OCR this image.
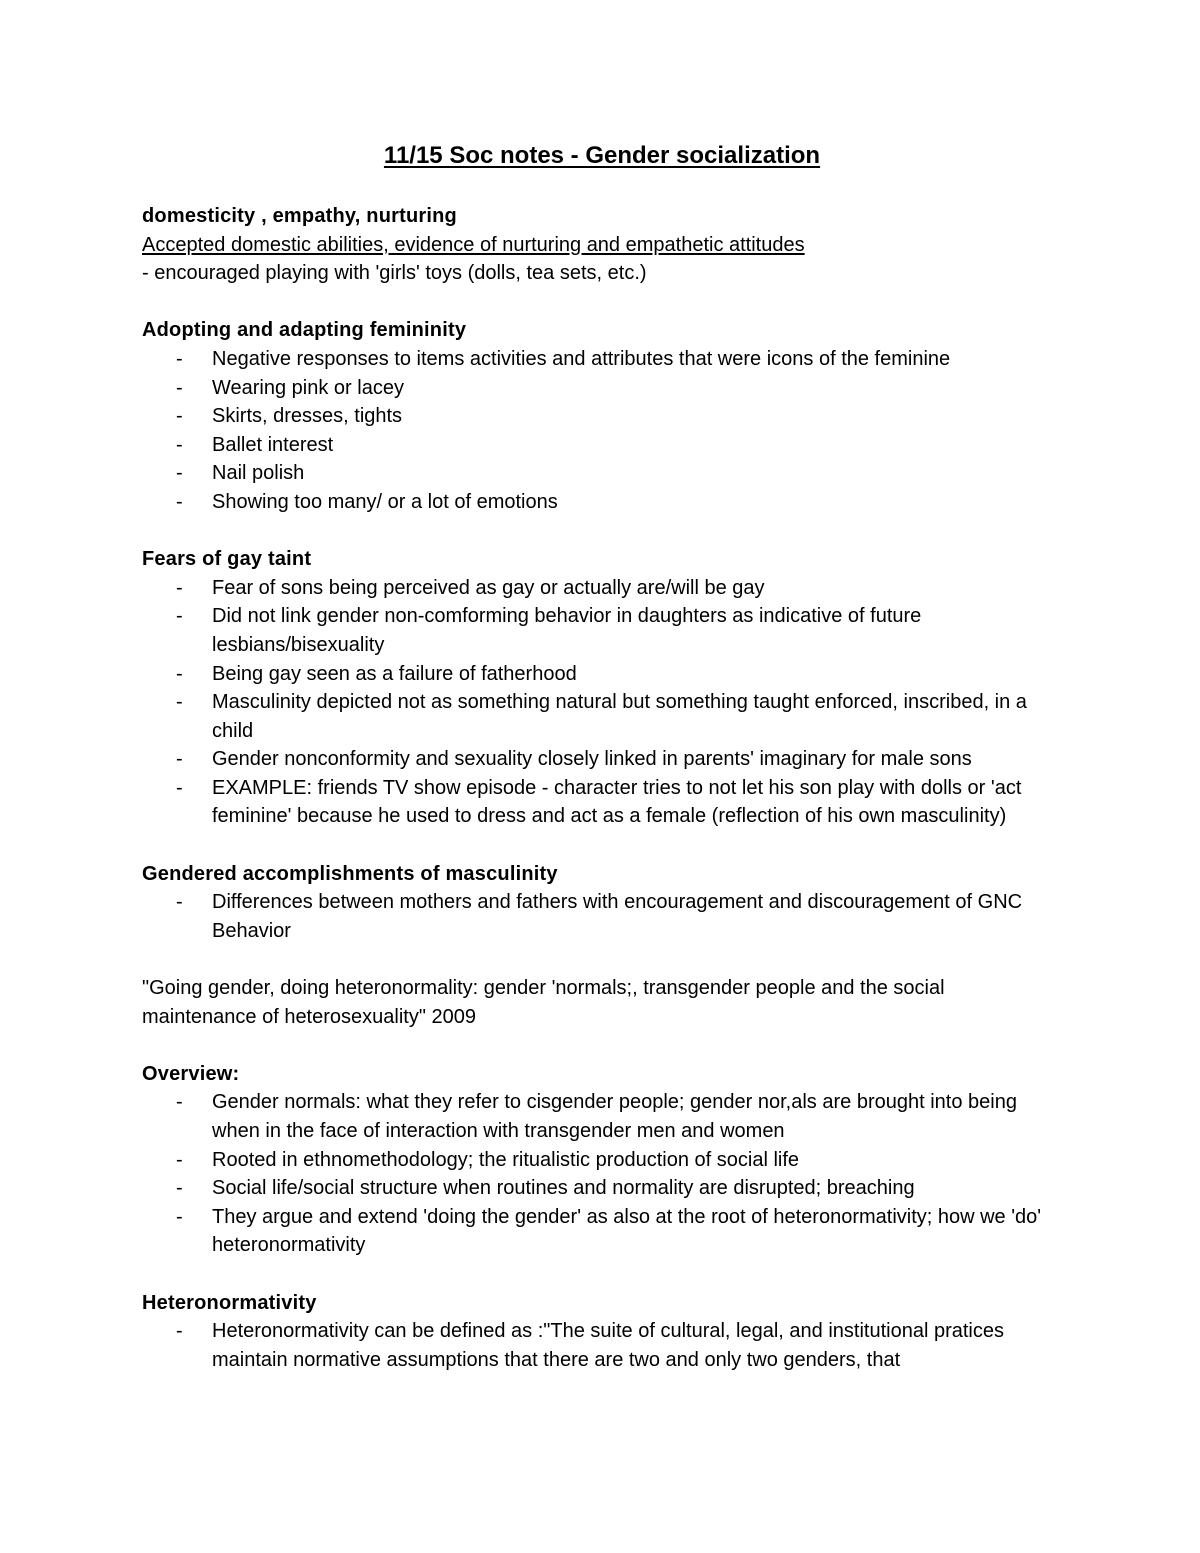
11/15 Soc notes - Gender socialization

domesticity , empathy, nurturing

Accepted domestic abilities, evidence of nurturing and empathetic attitudes

- encouraged playing with 'girls' toys (dolls, tea sets, etc.)

Adopting and adapting femininity

- Negative responses to items activities and attributes that were icons of the feminine
- Wearing pink or lacey
- Skirts, dresses, tights
- Ballet interest
- Nail polish
- Showing too many/ or a lot of emotions

Fears of gay taint

- Fear of sons being perceived as gay or actually are/will be gay
- Did not link gender non-comforming behavior in daughters as indicative of future lesbians/bisexuality
- Being gay seen as a failure of fatherhood
- Masculinity depicted not as something natural but something taught enforced, inscribed, in a child
- Gender nonconformity and sexuality closely linked in parents' imaginary for male sons
- EXAMPLE: friends TV show episode - character tries to not let his son play with dolls or 'act feminine' because he used to dress and act as a female (reflection of his own masculinity)

Gendered accomplishments of masculinity

- Differences between mothers and fathers with encouragement and discouragement of GNC Behavior

"Going gender, doing heteronormality: gender 'normals;, transgender people and the social maintenance of heterosexuality" 2009

Overview:

- Gender normals: what they refer to cisgender people; gender nor,als are brought into being when in the face of interaction with transgender men and women
- Rooted in ethnomethodology; the ritualistic production of social life
- Social life/social structure when routines and normality are disrupted; breaching
- They argue and extend 'doing the gender' as also at the root of heteronormativity; how we 'do' heteronormativity

Heteronormativity

- Heteronormativity can be defined as :"The suite of cultural, legal, and institutional pratices maintain normative assumptions that there are two and only two genders, that
